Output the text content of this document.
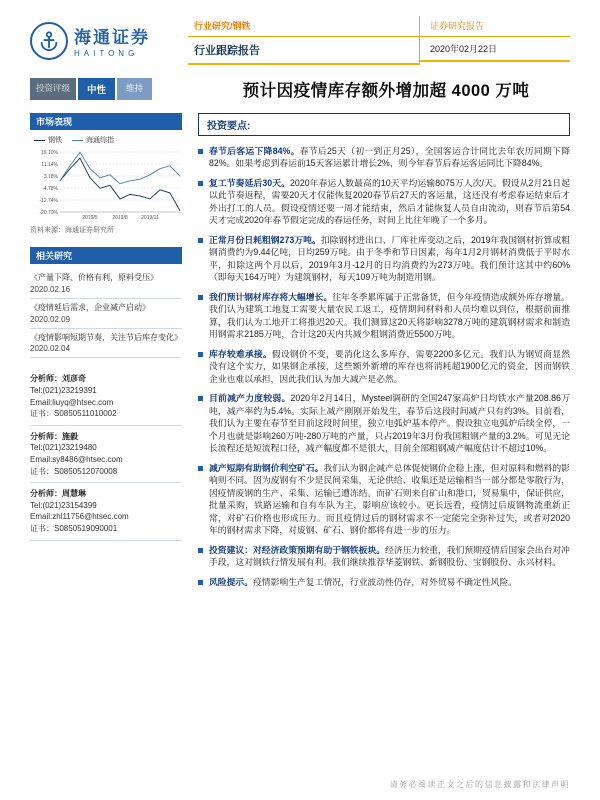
海通证券
HAITONG
行业研究/钢铁
行业跟踪报告
证券研究报告
2020年02月22日
投资评级	中性	维持	预计因疫情库存额外增加超 4000 万吨
市场表现
钢铁	海通综指
19.10%
11.14%
3.18%
-4.78%
-12.74%
-20.70%
2019/5	2019/8	2019/11
资料来源：海通证券研究所
相关研究
《产量下降、价格有利，原料受压》
2020.02.16
《疫情延后需求，企业减产启动》
2020.02.09
《疫情影响短期节奏，关注节后库存变化》
2020.02.04
分析师：刘彦奇
Tel:(021)23219391
Email:liuyq@htsec.com
证书：S0850511010002
分析师：施毅
Tel:(021)23219480
Email:sy8486@htsec.com
证书：S0850512070008
分析师：周慧琳
Tel:(021)23154399
Email:zhl11756@htsec.com
证书：S0850519090001
投资要点:

春节后客运下降84%。春节后25天（初一到正月25），全国客运合计同比去年农历同期下降82%。如果考虑到春运前15天客运累计增长2%，则今年春节后春运客运同比下降84%。

复工节奏延后30天。2020年春运人数最高的10天平均运输8075万人次/天。假设从2月21日起以此节奏返程，需要20天才仅能恢复2020春节后27天的客运量，这还没有考虑春运结束后才外出打工的人员。假设疫情还要一周才能结束，然后才能恢复人员自由流动，则春节后第54天才完成2020年春节假定完成的春运任务，时间上比往年晚了一个多月。

正常月份日耗粗钢273万吨。扣除钢材进出口、厂库社库变动之后，2019年我国钢材折算成粗钢消费约为9.44亿吨，日均259万吨。由于冬季和节日因素，每年1月2月钢材消费低于平时水平，扣除这两个月以后，2019年3月-12月的日均消费约为273万吨。我们预计这其中约60%（即每天164万吨）为建筑钢材，每天109万吨为制造用钢。

我们预计钢材库存将大幅增长。往年冬季累库属于正常备货，但今年疫情造成额外库存增量。我们认为建筑工地复工需要大量农民工返工，疫情期间材料和人员均难以到位，根据前面推算，我们认为工地开工将推迟20天。我们测算这20天将影响3278万吨的建筑钢材需求和制造用钢需求2185万吨，合计这20天内共减少粗钢消费近5500万吨。

库存较难承接。假设钢价不变，要消化这么多库存，需要2200多亿元。我们认为钢贸商显然没有这个实力，如果钢企承接，这些额外新增的库存也将消耗超1900亿元的资金，因而钢铁企业也难以承担，因此我们认为加大减产是必然。

目前减产力度较弱。2020年2月14日，Mysteel调研的全国247家高炉日均铁水产量208.86万吨，减产率约为5.4%。实际上减产刚刚开始发生，春节后这段时间减产只有约3%。目前看，我们认为主要在春节至目前这段时间里，独立电弧炉基本停产。假设独立电弧炉后续全停，一个月也就是影响260万吨-280万吨的产量，只占2019年3月份我国粗钢产量的3.2%。可见无论长流程还是短流程口径，减产幅度都不是很大，目前全部粗钢减产幅度估计不超过10%。

减产短期有助钢价利空矿石。我们认为钢企减产总体促使钢价企稳上涨，但对原料和燃料的影响则不同。因为废钢有不少是民间采集，无论供给、收集还是运输相当一部分都是零散行为，因疫情废钢的生产、采集、运输已遭冻结。而矿石则来自矿山和港口，贸易集中，保证供应，批量采购，铁路运输和自有车队为主，影响应该较小。更长远看，疫情过后废钢物流重新正常，对矿石价格也形成压力。而且疫情过后的钢材需求不一定能完全弥补过失，或者对2020年的钢材需求下降，对废钢、矿石、钢价都将有进一步的压力。

投资建议：对经济政策预期有助于钢铁板块。经济压力较重，我们预期疫情后国家会出台对冲手段，这对钢铁行情发展有利。我们继续推荐华菱钢铁、新钢股份、宝钢股份、永兴材料。

风险提示。疫情影响生产复工情况，行业波动性仍存，对外贸易不确定性风险。

请务必阅读正文之后的信息披露和法律声明
